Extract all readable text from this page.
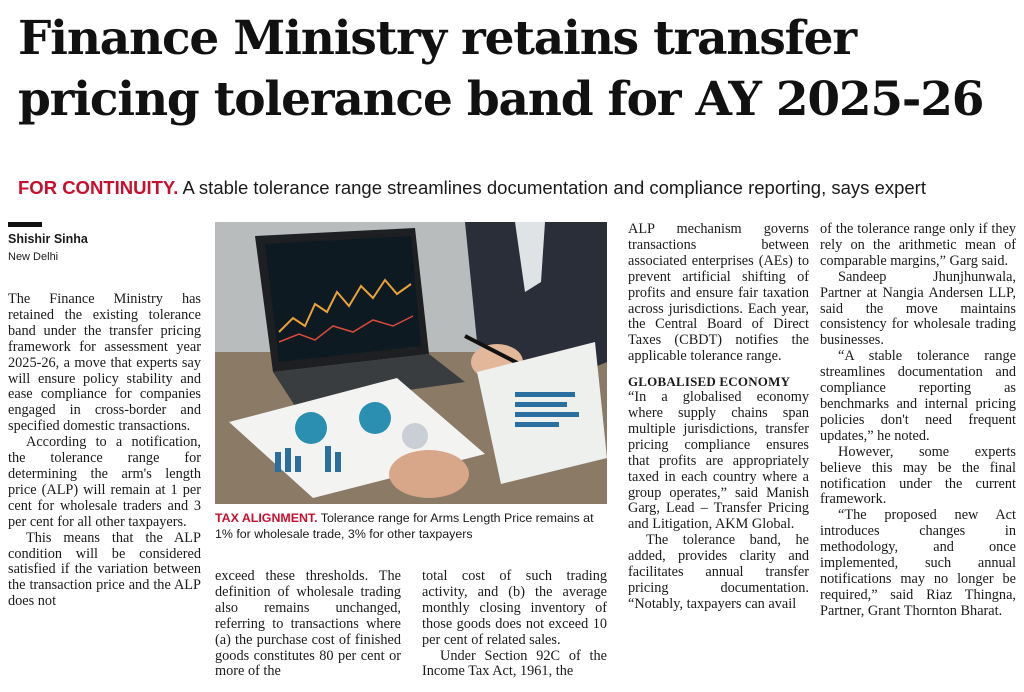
Finance Ministry retains transfer
pricing tolerance band for AY 2025-26
FOR CONTINUITY. A stable tolerance range streamlines documentation and compliance reporting, says expert
Shishir Sinha
New Delhi

The Finance Ministry has retained the existing tolerance band under the transfer pricing framework for assessment year 2025-26, a move that experts say will ensure policy stability and ease compliance for companies engaged in cross-border and specified domestic transactions.

According to a notification, the tolerance range for determining the arm's length price (ALP) will remain at 1 per cent for wholesale traders and 3 per cent for all other taxpayers.

This means that the ALP condition will be considered satisfied if the variation between the transaction price and the ALP does not

TAX ALIGNMENT. Tolerance range for Arms Length Price remains at 1% for wholesale trade, 3% for other taxpayers

exceed these thresholds. The definition of wholesale trading also remains unchanged, referring to transactions where (a) the purchase cost of finished goods constitutes 80 per cent or more of the

total cost of such trading activity, and (b) the average monthly closing inventory of those goods does not exceed 10 per cent of related sales.

Under Section 92C of the Income Tax Act, 1961, the

ALP mechanism governs transactions between associated enterprises (AEs) to prevent artificial shifting of profits and ensure fair taxation across jurisdictions. Each year, the Central Board of Direct Taxes (CBDT) notifies the applicable tolerance range.

GLOBALISED ECONOMY

“In a globalised economy where supply chains span multiple jurisdictions, transfer pricing compliance ensures that profits are appropriately taxed in each country where a group operates,” said Manish Garg, Lead – Transfer Pricing and Litigation, AKM Global.

The tolerance band, he added, provides clarity and facilitates annual transfer pricing documentation. “Notably, taxpayers can avail

of the tolerance range only if they rely on the arithmetic mean of comparable margins,” Garg said.

Sandeep Jhunjhunwala, Partner at Nangia Andersen LLP, said the move maintains consistency for wholesale trading businesses.

“A stable tolerance range streamlines documentation and compliance reporting as benchmarks and internal pricing policies don't need frequent updates,” he noted.

However, some experts believe this may be the final notification under the current framework.

“The proposed new Act introduces changes in methodology, and once implemented, such annual notifications may no longer be required,” said Riaz Thingna, Partner, Grant Thornton Bharat.
